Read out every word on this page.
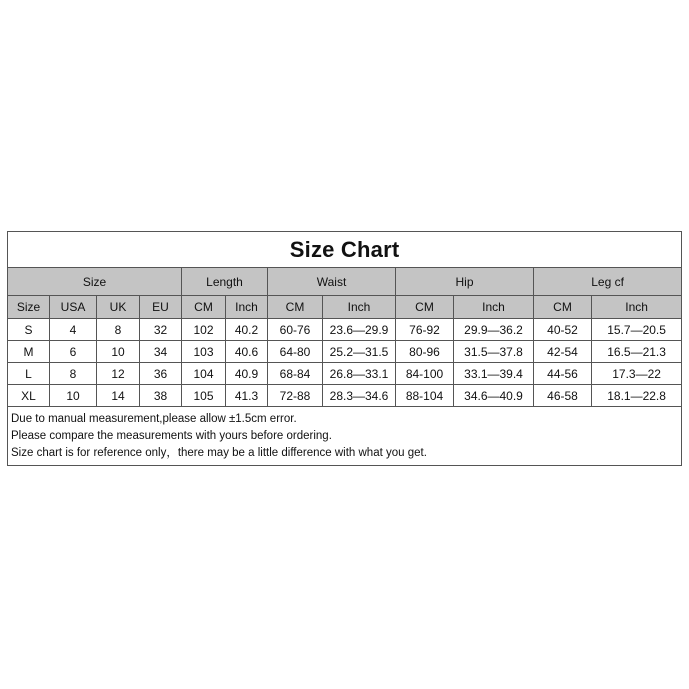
Size Chart											
Size				Length		Waist		Hip		Leg cf	
Size	USA	UK	EU	CM	Inch	CM	Inch	CM	Inch	CM	Inch
S	4	8	32	102	40.2	60-76	23.6—29.9	76-92	29.9—36.2	40-52	15.7—20.5
M	6	10	34	103	40.6	64-80	25.2—31.5	80-96	31.5—37.8	42-54	16.5—21.3
L	8	12	36	104	40.9	68-84	26.8—33.1	84-100	33.1—39.4	44-56	17.3—22
XL	10	14	38	105	41.3	72-88	28.3—34.6	88-104	34.6—40.9	46-58	18.1—22.8

Due to manual measurement,please allow ±1.5cm error.
Please compare the measurements with yours before ordering.
Size chart is for reference only，there may be a little difference with what you get.											
